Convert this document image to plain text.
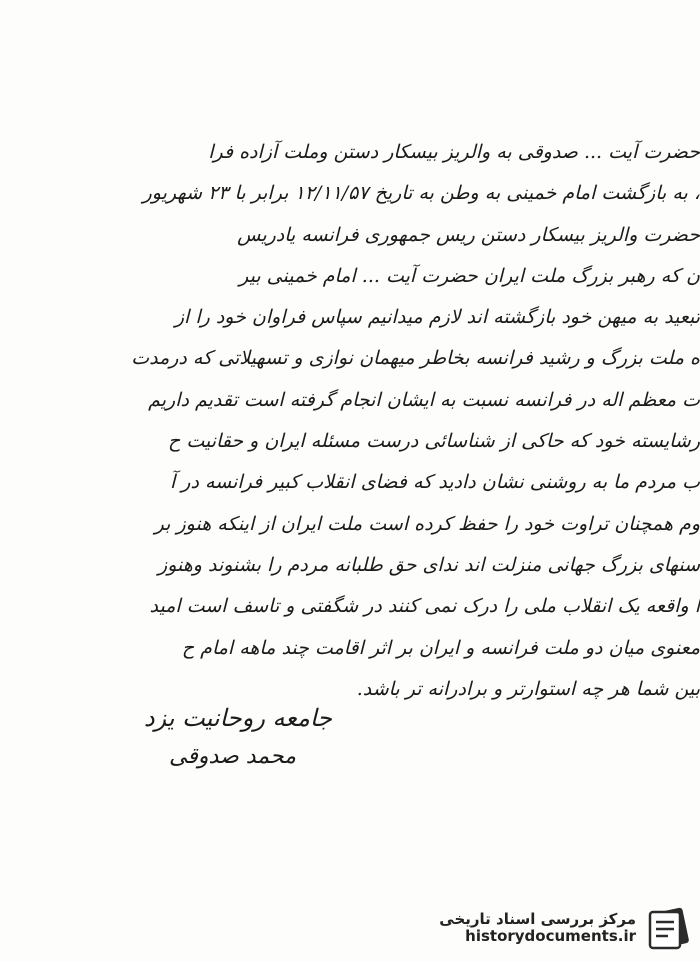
حضرت آیت ... صدوقی به والریز بیسکار دستن وملت آزاده فرا
، به بازگشت امام خمینی به وطن به تاریخ ۱۲/۱۱/۵۷ برابر با ۲۳ شهریور
حضرت والریز بیسکار دستن ریس جمهوری فرانسه یادریس
ن که رهبر بزرگ ملت ایران حضرت آیت ... امام خمینی بیر
تبعید به میهن خود بازگشته اند لازم میدانیم سپاس فراوان خود را از
ه ملت بزرگ و رشید فرانسه بخاطر میهمان نوازی و تسهیلاتی که درمدت
ت معظم اله در فرانسه نسبت به ایشان انجام گرفته است تقدیم داریم
رشایسته خود که حاکی از شناسائی درست مسئله ایران و حقانیت ح
ب مردم ما به روشنی نشان دادید که فضای انقلاب کبیر فرانسه در آ
وم همچنان تراوت خود را حفظ کرده است ملت ایران از اینکه هنوز بر
سنهای بزرگ جهانی منزلت اند ندای حق طلبانه مردم را بشنوند وهنوز
ا واقعه یک انقلاب ملی را درک نمی کنند در شگفتی و تاسف است امید
معنوی میان دو ملت فرانسه و ایران بر اثر اقامت چند ماهه امام ح
بین شما هر چه استوارتر و برادرانه تر باشد.
جامعه روحانیت یزد
محمد صدوقی
مرکز بررسی اسناد تاریخی
historydocuments.ir
